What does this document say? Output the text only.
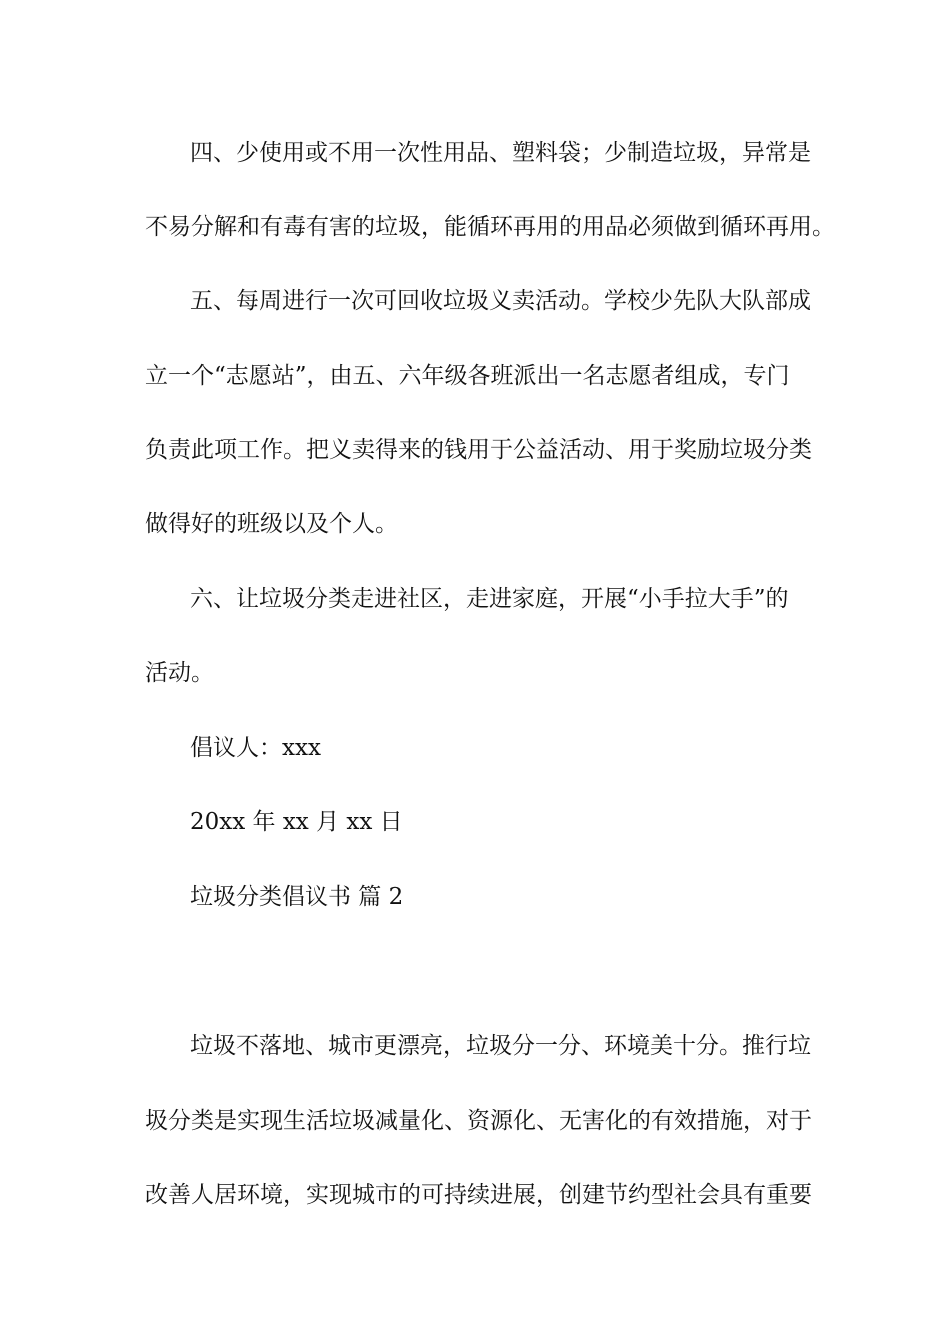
四、少使用或不用一次性用品、塑料袋；少制造垃圾，异常是
不易分解和有毒有害的垃圾，能循环再用的用品必须做到循环再用。
五、每周进行一次可回收垃圾义卖活动。学校少先队大队部成
立一个“志愿站”，由五、六年级各班派出一名志愿者组成，专门
负责此项工作。把义卖得来的钱用于公益活动、用于奖励垃圾分类
做得好的班级以及个人。
六、让垃圾分类走进社区，走进家庭，开展“小手拉大手”的
活动。
倡议人：xxx
20xx 年 xx 月 xx 日
垃圾分类倡议书 篇 2
垃圾不落地、城市更漂亮，垃圾分一分、环境美十分。推行垃
圾分类是实现生活垃圾减量化、资源化、无害化的有效措施，对于
改善人居环境，实现城市的可持续进展，创建节约型社会具有重要
